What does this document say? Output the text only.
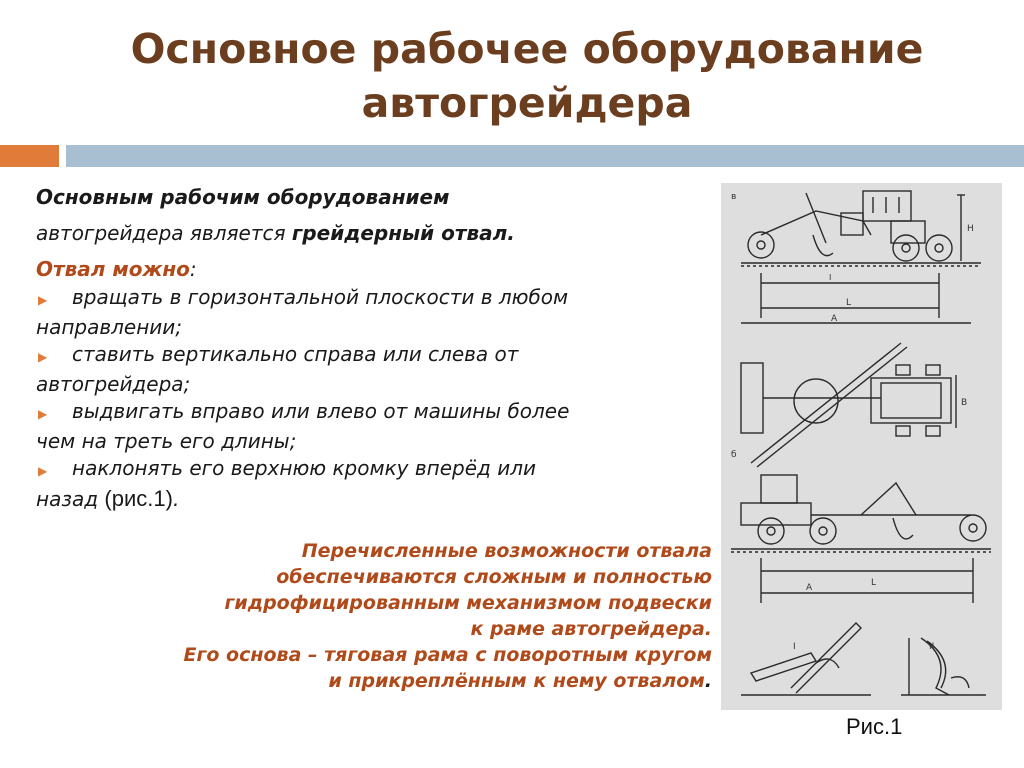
Основное рабочее оборудование
автогрейдера
Основным рабочим оборудованием
автогрейдера является грейдерный отвал.
Отвал можно:
▶ вращать в горизонтальной плоскости в любом
направлении;
▶ ставить вертикально справа или слева от
автогрейдера;
▶ выдвигать вправо или влево от машины более
чем на треть его длины;
▶ наклонять его верхнюю кромку вперёд или
назад (рис.1).
Перечисленные возможности отвала
обеспечиваются сложным и полностью
гидрофицированным механизмом подвески
к раме автогрейдера.
Его основа – тяговая рама с поворотным кругом
и прикреплённым к нему отвалом.
в
Н
I
L
A
B
б
L
A
I	II
Рис.1
